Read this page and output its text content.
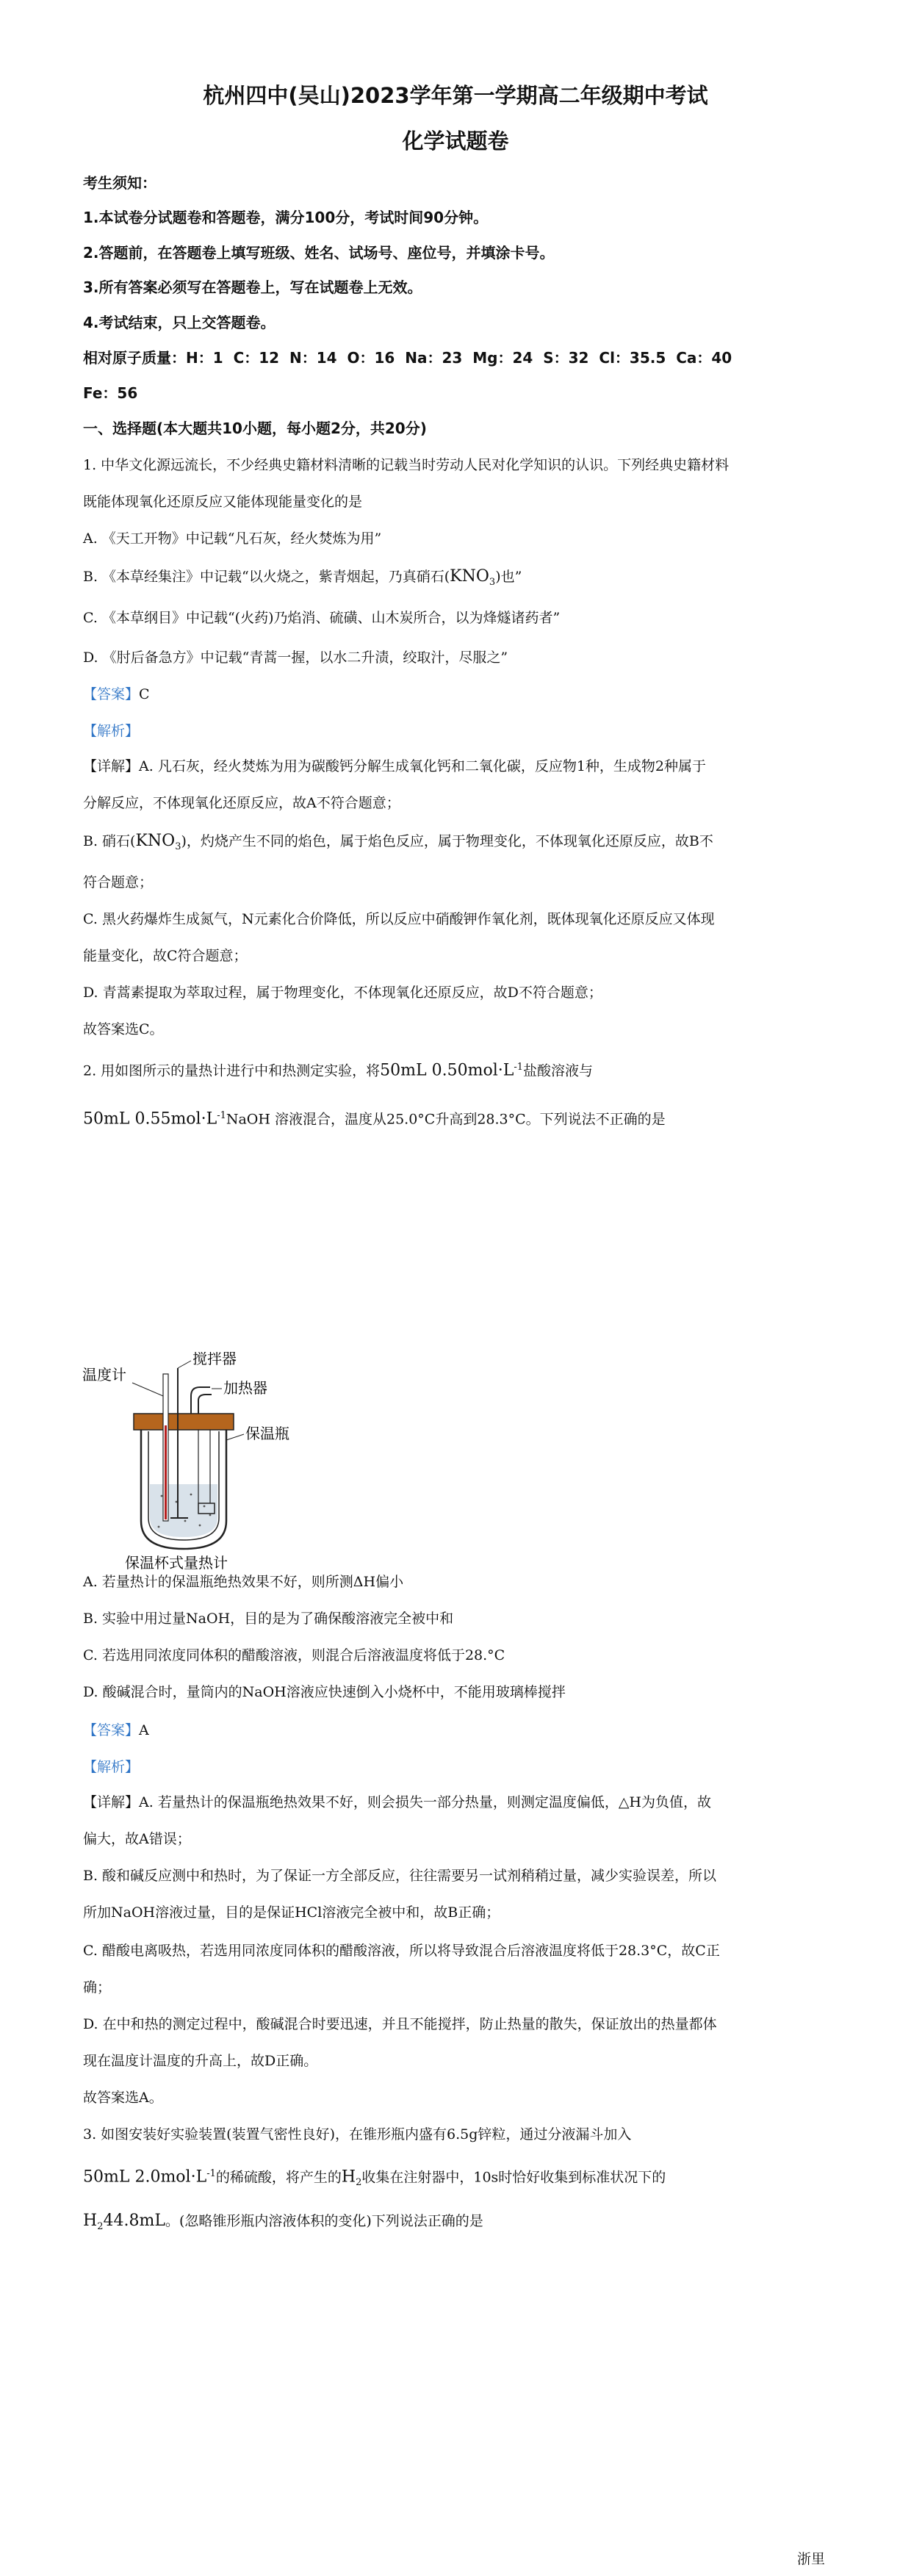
杭州四中(吴山)2023学年第一学期高二年级期中考试
化学试题卷
考生须知：
1.本试卷分试题卷和答题卷，满分100分，考试时间90分钟。
2.答题前，在答题卷上填写班级、姓名、试场号、座位号，并填涂卡号。
3.所有答案必须写在答题卷上，写在试题卷上无效。
4.考试结束，只上交答题卷。
相对原子质量：H：1  C：12  N：14  O：16  Na：23  Mg：24  S：32  Cl：35.5  Ca：40
Fe：56
一、选择题(本大题共10小题，每小题2分，共20分)
1. 中华文化源远流长，不少经典史籍材料清晰的记载当时劳动人民对化学知识的认识。下列经典史籍材料
既能体现氧化还原反应又能体现能量变化的是
A. 《天工开物》中记载“凡石灰，经火焚炼为用”
B. 《本草经集注》中记载“以火烧之，紫青烟起，乃真硝石$(KNO_3)$也”
C. 《本草纲目》中记载“(火药)乃焰消、硫磺、山木炭所合，以为烽燧诸药者”
D. 《肘后备急方》中记载“青蒿一握，以水二升渍，绞取汁，尽服之”
【答案】C
【解析】
【详解】A. 凡石灰，经火焚炼为用为碳酸钙分解生成氧化钙和二氧化碳，反应物1种，生成物2种属于
分解反应，不体现氧化还原反应，故A不符合题意；
B. 硝石$(KNO_3)$，灼烧产生不同的焰色，属于焰色反应，属于物理变化，不体现氧化还原反应，故B不
符合题意；
C. 黑火药爆炸生成氮气，N元素化合价降低，所以反应中硝酸钾作氧化剂，既体现氧化还原反应又体现
能量变化，故C符合题意；
D. 青蒿素提取为萃取过程，属于物理变化，不体现氧化还原反应，故D不符合题意；
故答案选C。
2. 用如图所示的量热计进行中和热测定实验，将50mL $0.50mol\cdot L^{-1}$盐酸溶液与
50mL $0.55mol\cdot L^{-1}NaOH$ 溶液混合，温度从25.0°C升高到28.3°C。下列说法不正确的是
温度计
搅拌器
加热器
保温瓶
保温杯式量热计
A. 若量热计的保温瓶绝热效果不好，则所测ΔH偏小
B. 实验中用过量NaOH，目的是为了确保酸溶液完全被中和
C. 若选用同浓度同体积的醋酸溶液，则混合后溶液温度将低于28.°C
D. 酸碱混合时，量筒内的NaOH溶液应快速倒入小烧杯中，不能用玻璃棒搅拌
【答案】A
【解析】
【详解】A. 若量热计的保温瓶绝热效果不好，则会损失一部分热量，则测定温度偏低，△H为负值，故
偏大，故A错误；
B. 酸和碱反应测中和热时，为了保证一方全部反应，往往需要另一试剂稍稍过量，减少实验误差，所以
所加NaOH溶液过量，目的是保证HCl溶液完全被中和，故B正确；
C. 醋酸电离吸热，若选用同浓度同体积的醋酸溶液，所以将导致混合后溶液温度将低于28.3°C，故C正
确；
D. 在中和热的测定过程中，酸碱混合时要迅速，并且不能搅拌，防止热量的散失，保证放出的热量都体
现在温度计温度的升高上，故D正确。
故答案选A。
3. 如图安装好实验装置(装置气密性良好)，在锥形瓶内盛有6.5g锌粒，通过分液漏斗加入
50mL $2.0mol\cdot L^{-1}$的稀硫酸，将产生的$H_2$收集在注射器中，10s时恰好收集到标准状况下的
$H_244.8mL$。(忽略锥形瓶内溶液体积的变化)下列说法正确的是
浙里
